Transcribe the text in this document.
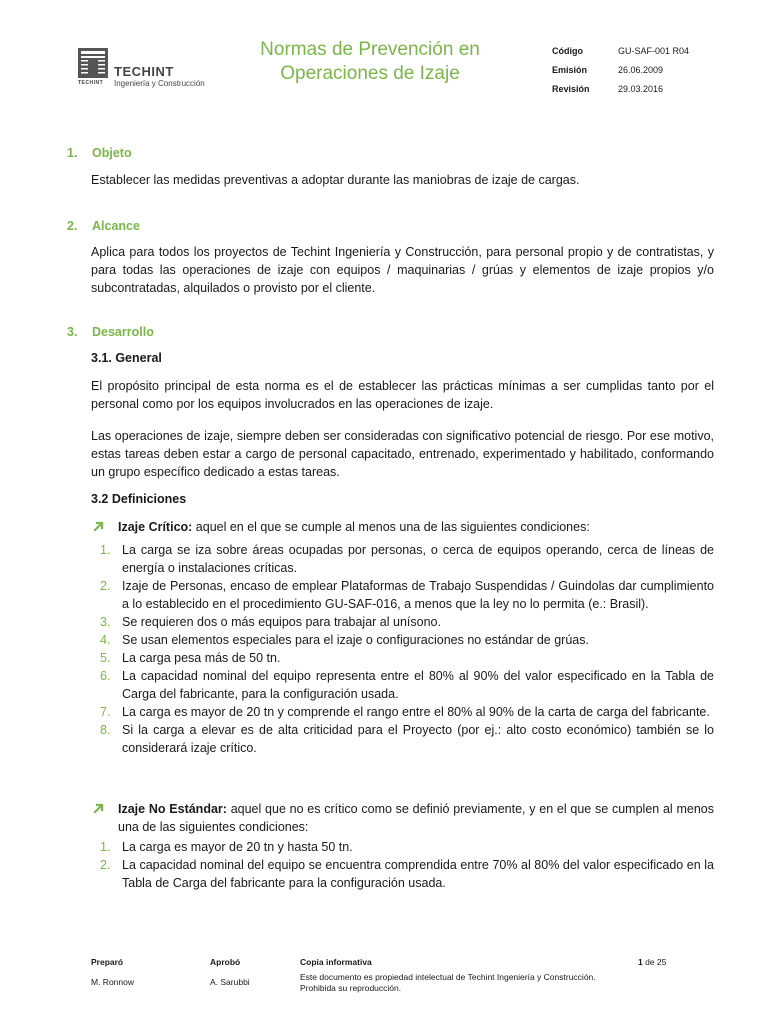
TECHINT
TECHINT
Ingeniería y Construcción
Normas de Prevención en
Operaciones de Izaje
Código	GU-SAF-001 R04
Emisión	26.06.2009
Revisión	29.03.2016
1. Objeto

Establecer las medidas preventivas a adoptar durante las maniobras de izaje de cargas.

2. Alcance

Aplica para todos los proyectos de Techint Ingeniería y Construcción, para personal propio y de contratistas, y para todas las operaciones de izaje con equipos / maquinarias / grúas y elementos de izaje propios y/o subcontratadas, alquilados o provisto por el cliente.

3. Desarrollo
3.1. General

El propósito principal de esta norma es el de establecer las prácticas mínimas a ser cumplidas tanto por el personal como por los equipos involucrados en las operaciones de izaje.

Las operaciones de izaje, siempre deben ser consideradas con significativo potencial de riesgo. Por ese motivo, estas tareas deben estar a cargo de personal capacitado, entrenado, experimentado y habilitado, conformando un grupo específico dedicado a estas tareas.

3.2 Definiciones
Izaje Crítico: aquel en el que se cumple al menos una de las siguientes condiciones:
1. La carga se iza sobre áreas ocupadas por personas, o cerca de equipos operando, cerca de líneas de energía o instalaciones críticas.
2. Izaje de Personas, encaso de emplear Plataformas de Trabajo Suspendidas / Guindolas dar cumplimiento a lo establecido en el procedimiento GU-SAF-016, a menos que la ley no lo permita (e.: Brasil).
3. Se requieren dos o más equipos para trabajar al unísono.
4. Se usan elementos especiales para el izaje o configuraciones no estándar de grúas.
5. La carga pesa más de 50 tn.
6. La capacidad nominal del equipo representa entre el 80% al 90% del valor especificado en la Tabla de Carga del fabricante, para la configuración usada.
7. La carga es mayor de 20 tn y comprende el rango entre el 80% al 90% de la carta de carga del fabricante.
8. Si la carga a elevar es de alta criticidad para el Proyecto (por ej.: alto costo económico) también se lo considerará izaje crítico.
Izaje No Estándar: aquel que no es crítico como se definió previamente, y en el que se cumplen al menos una de las siguientes condiciones:
1. La carga es mayor de 20 tn y hasta 50 tn.
2. La capacidad nominal del equipo se encuentra comprendida entre 70% al 80% del valor especificado en la Tabla de Carga del fabricante para la configuración usada.
Preparó
M. Ronnow
Aprobó
A. Sarubbi
Copia informativa
Este documento es propiedad intelectual de Techint Ingeniería y Construcción. Prohibida su reproducción.
1 de 25
